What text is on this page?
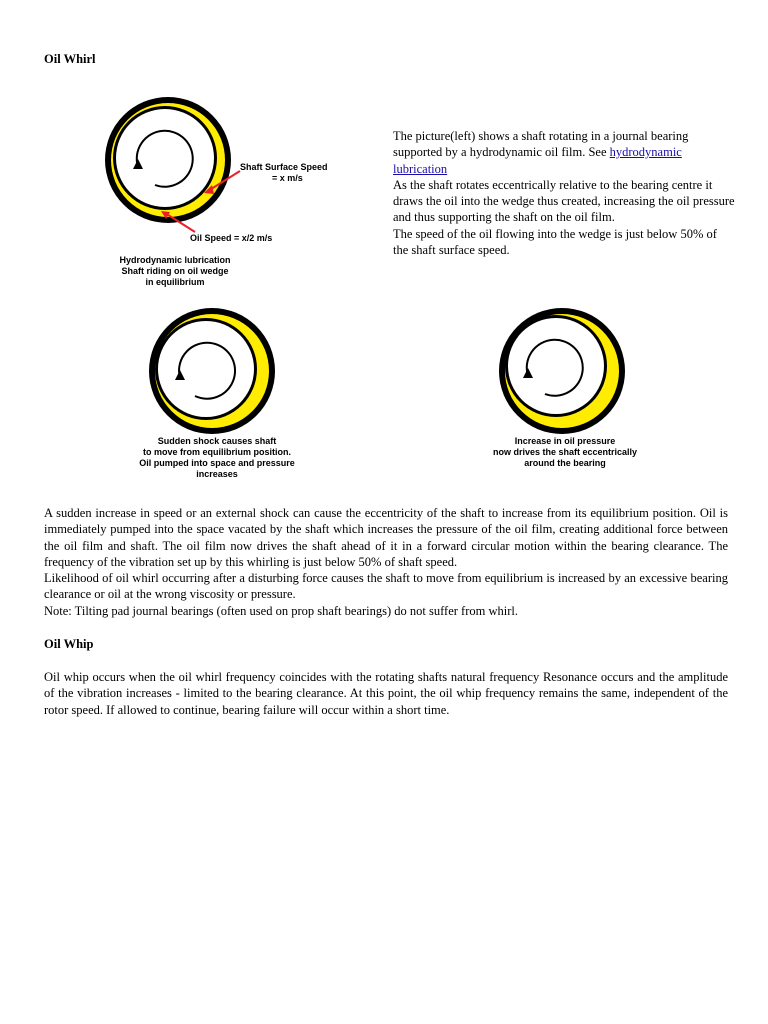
Oil Whirl
Shaft Surface Speed
= x m/s
Oil Speed = x/2 m/s
Hydrodynamic lubrication
Shaft riding on oil wedge
in equilibrium
The picture(left) shows a shaft rotating in a journal bearing
supported by a hydrodynamic oil film. See hydrodynamic lubrication
As the shaft rotates eccentrically relative to the bearing centre it draws the oil into the wedge thus created, increasing the oil pressure and thus supporting the shaft on the oil film.
The speed of the oil flowing into the wedge is just below 50% of the shaft surface speed.
Sudden shock causes shaft
to move from equilibrium position.
Oil pumped into space and pressure
increases
Increase in oil pressure
now drives the shaft eccentrically
around the bearing
A sudden increase in speed or an external shock can cause the eccentricity of the shaft to increase from its equilibrium position. Oil is immediately pumped into the space vacated by the shaft which increases the pressure of the oil film, creating additional force between the oil film and shaft. The oil film now drives the shaft ahead of it in a forward circular motion within the bearing clearance. The frequency of the vibration set up by this whirling is just below 50% of shaft speed.
Likelihood of oil whirl occurring after a disturbing force causes the shaft to move from equilibrium is increased by an excessive bearing clearance or oil at the wrong viscosity or pressure.
Note: Tilting pad journal bearings (often used on prop shaft bearings) do not suffer from whirl.
Oil Whip
Oil whip occurs when the oil whirl frequency coincides with the rotating shafts natural frequency Resonance occurs and the amplitude of the vibration increases - limited to the bearing clearance. At this point, the oil whip frequency remains the same, independent of the rotor speed. If allowed to continue, bearing failure will occur within a short time.
